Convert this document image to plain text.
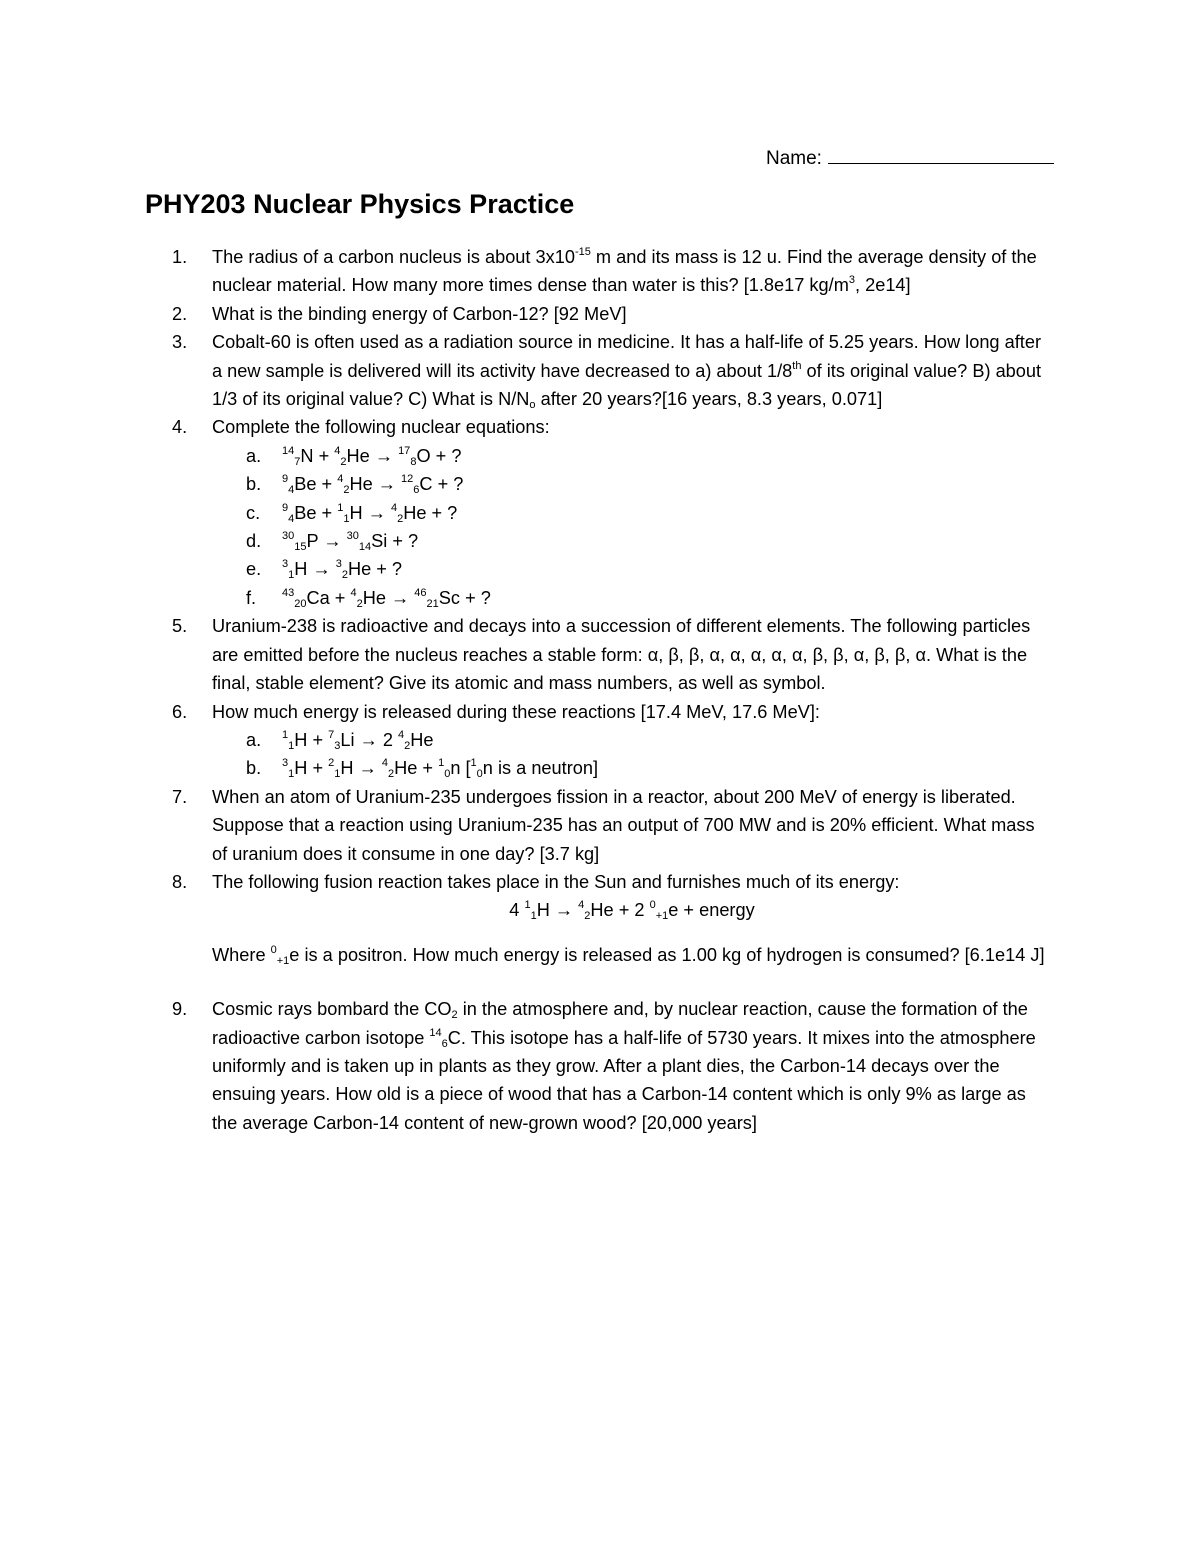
Name:
PHY203 Nuclear Physics Practice
1. The radius of a carbon nucleus is about $3x10^{-15}$ m and its mass is 12 u. Find the average density of the nuclear material. How many more times dense than water is this? [1.8e17 $kg/m^3$, 2e14]
2. What is the binding energy of Carbon-12? [92 MeV]
3. Cobalt-60 is often used as a radiation source in medicine. It has a half-life of 5.25 years. How long after a new sample is delivered will its activity have decreased to a) about 1/8th of its original value? B) about 1/3 of its original value? C) What is $N/N_o$ after 20 years?[16 years, 8.3 years, 0.071]
4. Complete the following nuclear equations:
a. $^{14}_7$N + $^4_2$He → $^{17}_8$O + ?
b. $^9_4$Be + $^4_2$He → $^{12}_6$C + ?
c. $^9_4$Be + $^1_1$H → $^4_2$He + ?
d. $^{30}_{15}$P → $^{30}_{14}$Si + ?
e. $^3_1$H → $^3_2$He + ?
f. $^{43}_{20}$Ca + $^4_2$He → $^{46}_{21}$Sc + ?
5. Uranium-238 is radioactive and decays into a succession of different elements. The following particles are emitted before the nucleus reaches a stable form: α, β, β, α, α, α, α, α, β, β, α, β, β, α. What is the final, stable element? Give its atomic and mass numbers, as well as symbol.
6. How much energy is released during these reactions [17.4 MeV, 17.6 MeV]:
a. $^1_1$H + $^7_3$Li → 2 $^4_2$He
b. $^3_1$H + $^2_1$H → $^4_2$He + $^1_0$n [$^1_0$n is a neutron]
7. When an atom of Uranium-235 undergoes fission in a reactor, about 200 MeV of energy is liberated. Suppose that a reaction using Uranium-235 has an output of 700 MW and is 20% efficient. What mass of uranium does it consume in one day? [3.7 kg]
8. The following fusion reaction takes place in the Sun and furnishes much of its energy:
4 $^1_1$H → $^4_2$He + 2 $^0_{+1}$e + energy
Where $^0_{+1}$e is a positron. How much energy is released as 1.00 kg of hydrogen is consumed? [6.1e14 J]
9. Cosmic rays bombard the $CO_2$ in the atmosphere and, by nuclear reaction, cause the formation of the radioactive carbon isotope $^{14}_6$C. This isotope has a half-life of 5730 years. It mixes into the atmosphere uniformly and is taken up in plants as they grow. After a plant dies, the Carbon-14 decays over the ensuing years. How old is a piece of wood that has a Carbon-14 content which is only 9% as large as the average Carbon-14 content of new-grown wood? [20,000 years]
